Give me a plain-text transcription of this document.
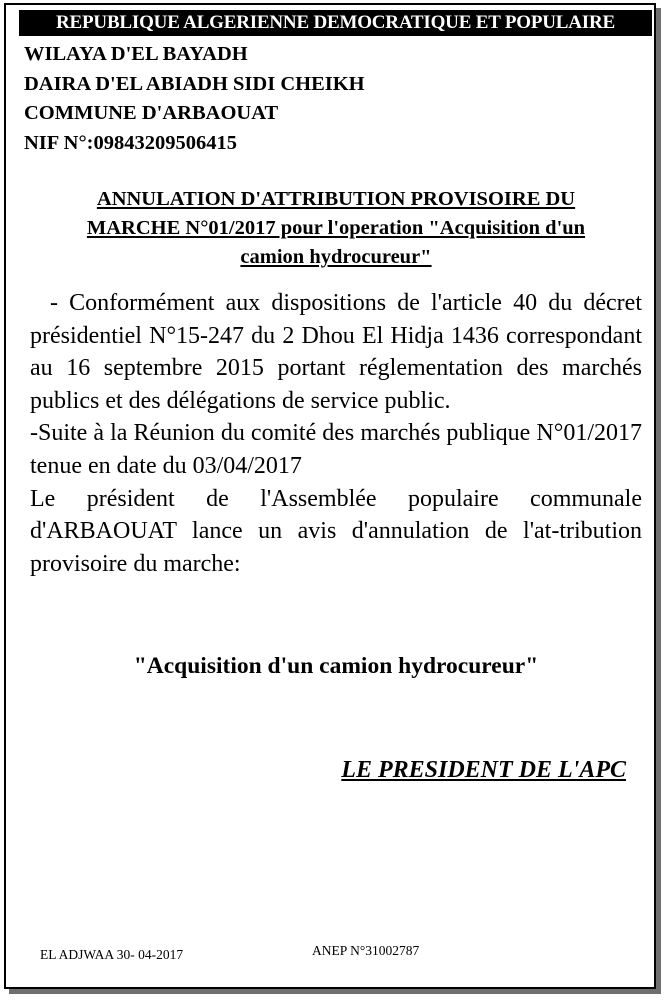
REPUBLIQUE ALGERIENNE DEMOCRATIQUE ET POPULAIRE
WILAYA D'EL BAYADH
DAIRA D'EL ABIADH SIDI CHEIKH
COMMUNE D'ARBAOUAT
NIF N°:09843209506415
ANNULATION D'ATTRIBUTION PROVISOIRE DU
MARCHE N°01/2017 pour l'operation "Acquisition d'un
camion hydrocureur"

- Conformément aux dispositions de l'article 40 du décret présidentiel N°15-247 du 2 Dhou El Hidja 1436 correspondant au 16 septembre 2015 portant réglementation des marchés publics et des délégations de service public.

-Suite à la Réunion du comité des marchés publique N°01/2017 tenue en date du 03/04/2017

Le président de l'Assemblée populaire communale d'ARBAOUAT lance un avis d'annulation de l'at-tribution provisoire du marche:

"Acquisition d'un camion hydrocureur"
LE PRESIDENT DE L'APC
EL ADJWAA 30- 04-2017	ANEP N°31002787
